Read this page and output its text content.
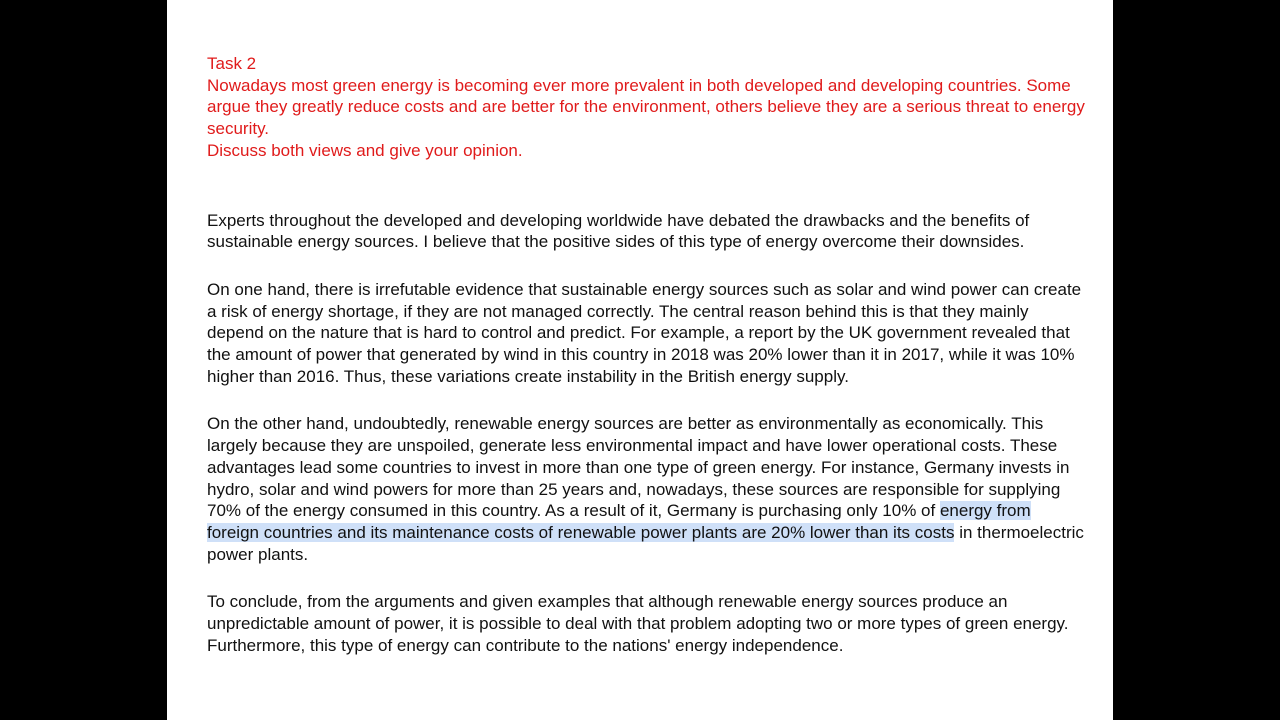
Task 2

Nowadays most green energy is becoming ever more prevalent in both developed and developing countries. Some argue they greatly reduce costs and are better for the environment, others believe they are a serious threat to energy security.

Discuss both views and give your opinion.

Experts throughout the developed and developing worldwide have debated the drawbacks and the benefits of sustainable energy sources. I believe that the positive sides of this type of energy overcome their downsides.

On one hand, there is irrefutable evidence that sustainable energy sources such as solar and wind power can create a risk of energy shortage, if they are not managed correctly. The central reason behind this is that they mainly depend on the nature that is hard to control and predict. For example, a report by the UK government revealed that the amount of power that generated by wind in this country in 2018 was 20% lower than it in 2017, while it was 10% higher than 2016. Thus, these variations create instability in the British energy supply.

On the other hand, undoubtedly, renewable energy sources are better as environmentally as economically. This largely because they are unspoiled, generate less environmental impact and have lower operational costs. These advantages lead some countries to invest in more than one type of green energy. For instance, Germany invests in hydro, solar and wind powers for more than 25 years and, nowadays, these sources are responsible for supplying 70% of the energy consumed in this country. As a result of it, Germany is purchasing only 10% of energy from foreign countries and its maintenance costs of renewable power plants are 20% lower than its costs in thermoelectric power plants.

To conclude, from the arguments and given examples that although renewable energy sources produce an unpredictable amount of power, it is possible to deal with that problem adopting two or more types of green energy. Furthermore, this type of energy can contribute to the nations' energy independence.
